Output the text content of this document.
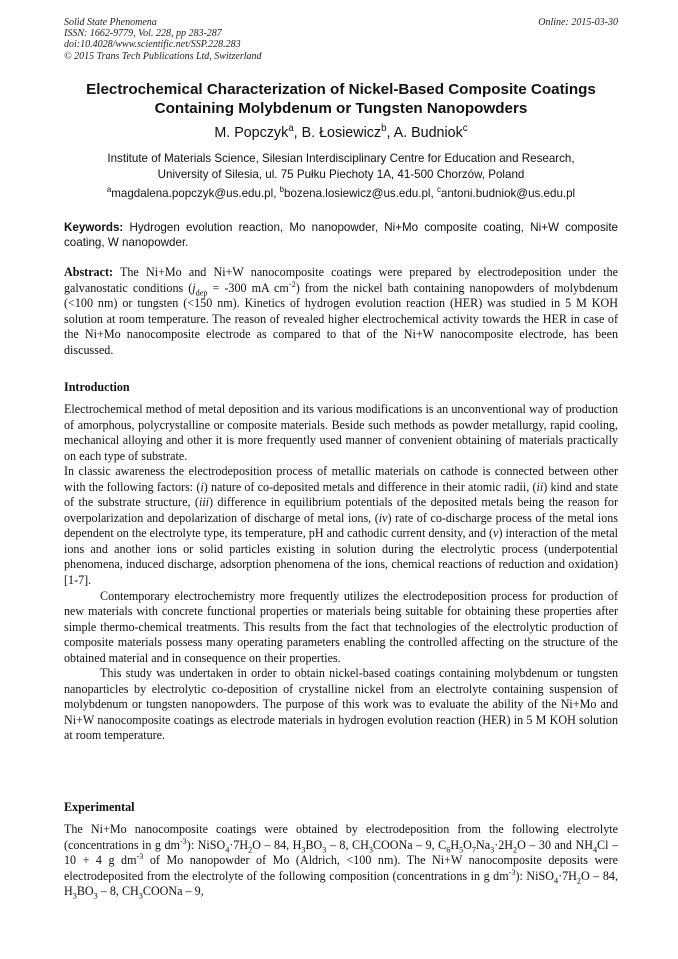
Solid State Phenomena
ISSN: 1662-9779, Vol. 228, pp 283-287
doi:10.4028/www.scientific.net/SSP.228.283
© 2015 Trans Tech Publications Ltd, Switzerland
Online: 2015-03-30
Electrochemical Characterization of Nickel-Based Composite Coatings
Containing Molybdenum or Tungsten Nanopowders
M. Popczyk$^a$, B. Łosiewicz$^b$, A. Budniok$^c$
Institute of Materials Science, Silesian Interdisciplinary Centre for Education and Research,
University of Silesia, ul. 75 Pułku Piechoty 1A, 41-500 Chorzów, Poland
$^a$magdalena.popczyk@us.edu.pl, $^b$bozena.losiewicz@us.edu.pl, $^c$antoni.budniok@us.edu.pl
Keywords: Hydrogen evolution reaction, Mo nanopowder, Ni+Mo composite coating, Ni+W composite coating, W nanopowder.

Abstract: The Ni+Mo and Ni+W nanocomposite coatings were prepared by electrodeposition under the galvanostatic conditions ($j_{dep} = -300$ mA $cm^{-2}$) from the nickel bath containing nanopowders of molybdenum (<100 nm) or tungsten (<150 nm). Kinetics of hydrogen evolution reaction (HER) was studied in 5 M KOH solution at room temperature. The reason of revealed higher electrochemical activity towards the HER in case of the Ni+Mo nanocomposite electrode as compared to that of the Ni+W nanocomposite electrode, has been discussed.

Introduction

Electrochemical method of metal deposition and its various modifications is an unconventional way of production of amorphous, polycrystalline or composite materials. Beside such methods as powder metallurgy, rapid cooling, mechanical alloying and other it is more frequently used manner of convenient obtaining of materials practically on each type of substrate.

In classic awareness the electrodeposition process of metallic materials on cathode is connected between other with the following factors: (i) nature of co-deposited metals and difference in their atomic radii, (ii) kind and state of the substrate structure, (iii) difference in equilibrium potentials of the deposited metals being the reason for overpolarization and depolarization of discharge of metal ions, (iv) rate of co-discharge process of the metal ions dependent on the electrolyte type, its temperature, pH and cathodic current density, and (v) interaction of the metal ions and another ions or solid particles existing in solution during the electrolytic process (underpotential phenomena, induced discharge, adsorption phenomena of the ions, chemical reactions of reduction and oxidation) [1-7].

Contemporary electrochemistry more frequently utilizes the electrodeposition process for production of new materials with concrete functional properties or materials being suitable for obtaining these properties after simple thermo-chemical treatments. This results from the fact that technologies of the electrolytic production of composite materials possess many operating parameters enabling the controlled affecting on the structure of the obtained material and in consequence on their properties.

This study was undertaken in order to obtain nickel-based coatings containing molybdenum or tungsten nanoparticles by electrolytic co-deposition of crystalline nickel from an electrolyte containing suspension of molybdenum or tungsten nanopowders. The purpose of this work was to evaluate the ability of the Ni+Mo and Ni+W nanocomposite coatings as electrode materials in hydrogen evolution reaction (HER) in 5 M KOH solution at room temperature.

Experimental

The Ni+Mo nanocomposite coatings were obtained by electrodeposition from the following electrolyte (concentrations in g $dm^{-3}$): $NiSO_4\cdot 7H_2O - 84$, $H_3BO_3 - 8$, $CH_3COONa - 9$, $C_6H_5O_7Na_3\cdot 2H_2O - 30$ and $NH_4Cl - 10 + 4$ g $dm^{-3}$ of Mo nanopowder of Mo (Aldrich, <100 nm). The Ni+W nanocomposite deposits were electrodeposited from the electrolyte of the following composition (concentrations in g $dm^{-3}$): $NiSO_4\cdot 7H_2O - 84$, $H_3BO_3 - 8$, $CH_3COONa - 9$,
